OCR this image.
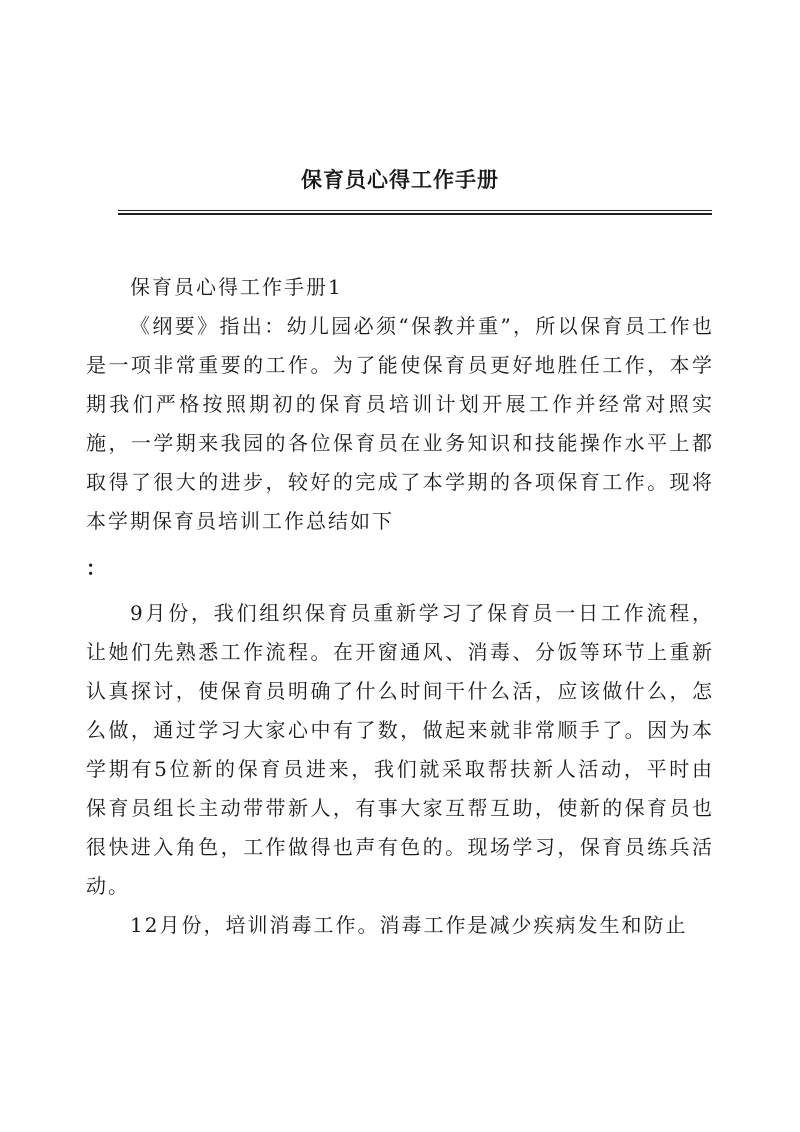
保育员心得工作手册

保育员心得工作手册1

《纲要》指出：幼儿园必须“保教并重”，所以保育员工作也是一项非常重要的工作。为了能使保育员更好地胜任工作，本学期我们严格按照期初的保育员培训计划开展工作并经常对照实施，一学期来我园的各位保育员在业务知识和技能操作水平上都取得了很大的进步，较好的完成了本学期的各项保育工作。现将本学期保育员培训工作总结如下

：

9月份，我们组织保育员重新学习了保育员一日工作流程，让她们先熟悉工作流程。在开窗通风、消毒、分饭等环节上重新认真探讨，使保育员明确了什么时间干什么活，应该做什么，怎么做，通过学习大家心中有了数，做起来就非常顺手了。因为本学期有5位新的保育员进来，我们就采取帮扶新人活动，平时由保育员组长主动带带新人，有事大家互帮互助，使新的保育员也很快进入角色，工作做得也声有色的。现场学习，保育员练兵活动。

12月份，培训消毒工作。消毒工作是减少疾病发生和防止
